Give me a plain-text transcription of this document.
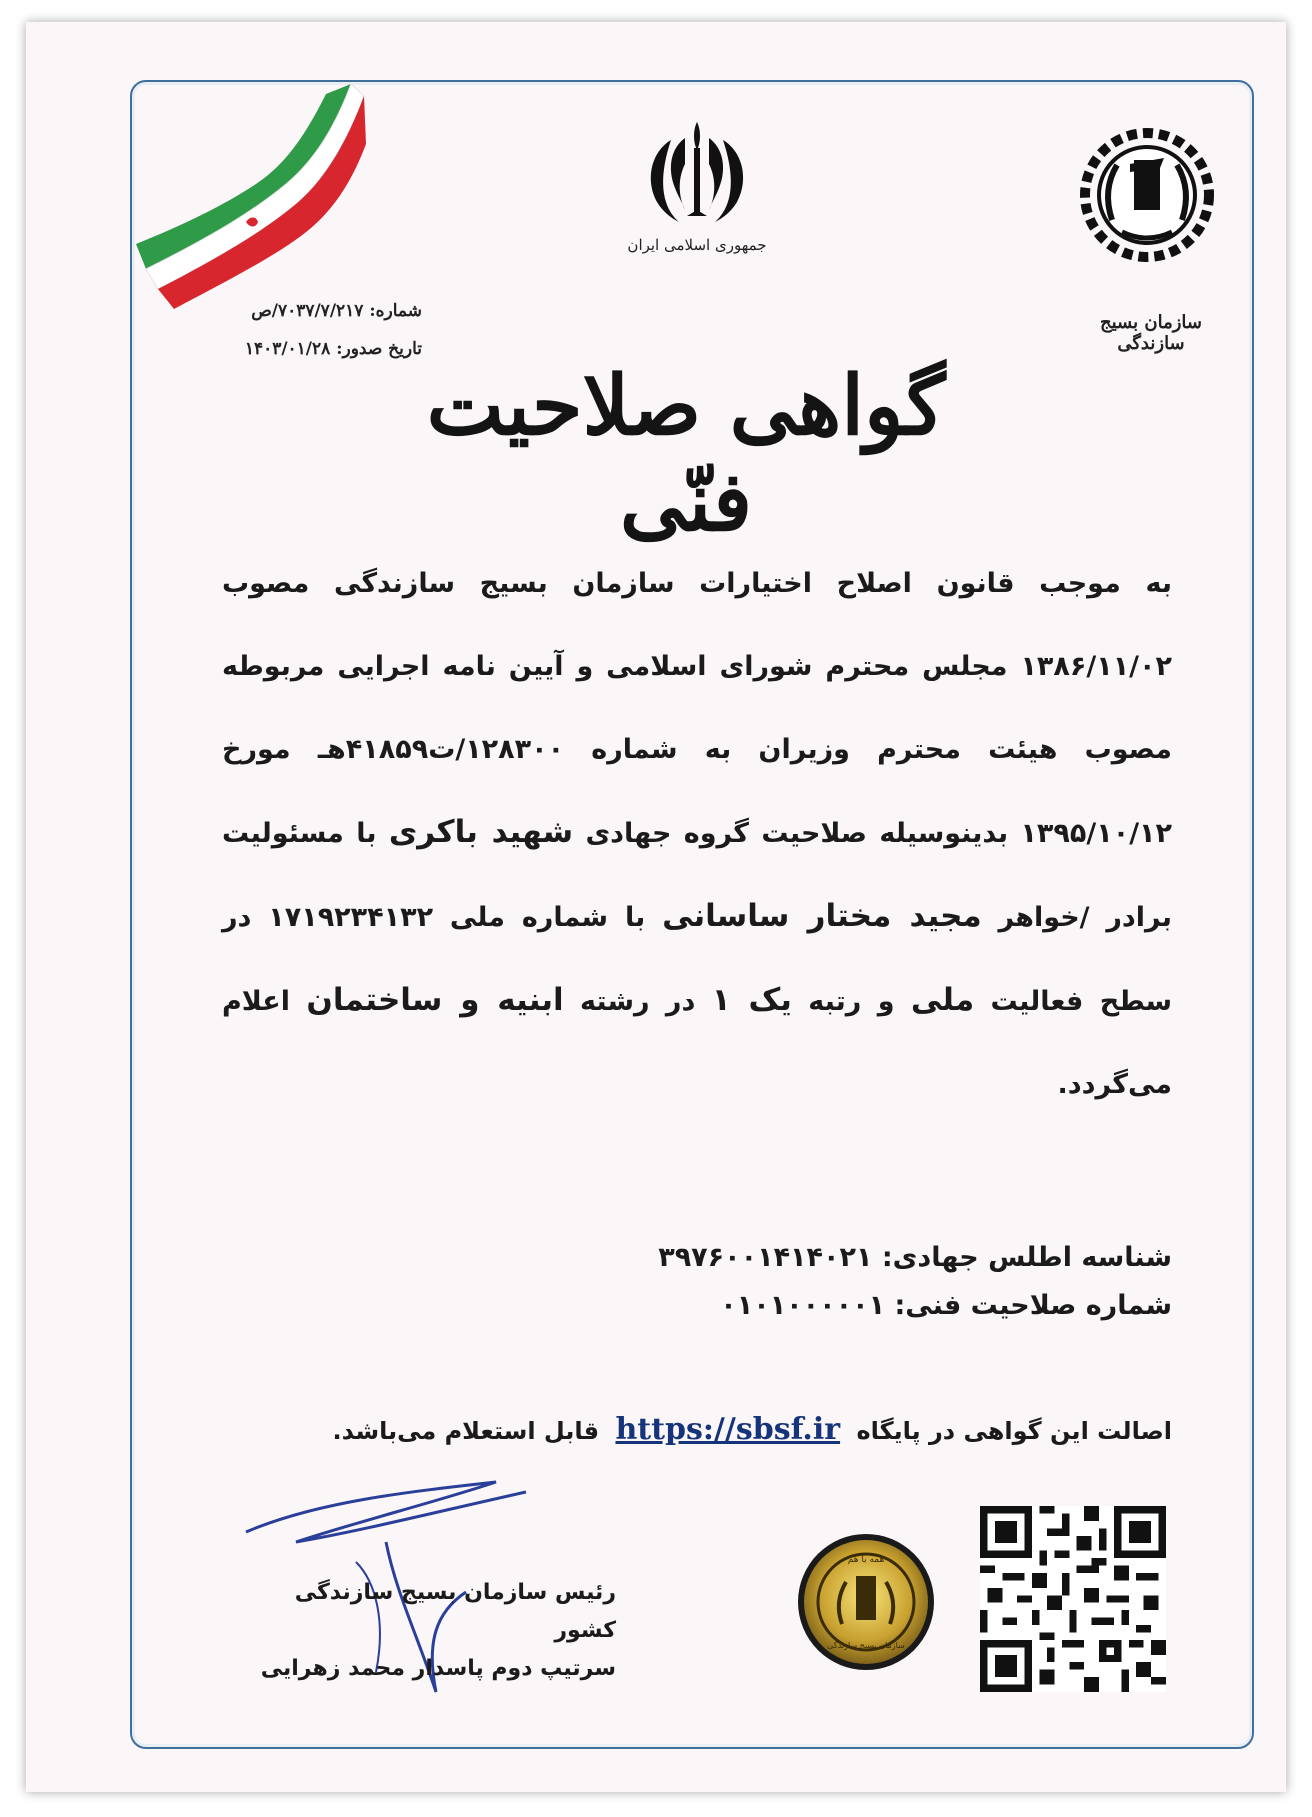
جمهوری اسلامی ایران
سازمان بسیج سازندگی
شماره: ۷۰۳۷/۷/۲۱۷/ص
تاریخ صدور: ۱۴۰۳/۰۱/۲۸
گواهی صلاحیت فنّی
به موجب قانون اصلاح اختیارات سازمان بسیج سازندگی مصوب ۱۳۸۶/۱۱/۰۲ مجلس محترم شورای اسلامی و آیین نامه اجرایی مربوطه مصوب هیئت محترم وزیران به شماره ۱۲۸۳۰۰/ت۴۱۸۵۹هـ مورخ ۱۳۹۵/۱۰/۱۲ بدینوسیله صلاحیت گروه جهادی شهید باکری با مسئولیت برادر /خواهر مجید مختار ساسانی با شماره ملی ۱۷۱۹۲۳۴۱۳۲ در سطح فعالیت ملی و رتبه یک ۱ در رشته ابنیه و ساختمان اعلام می‌گردد.
شناسه اطلس جهادی: ۳۹۷۶۰۰۱۴۱۴۰۲۱
شماره صلاحیت فنی: ۰۱۰۱۰۰۰۰۰۱
اصالت این گواهی در پایگاه https://sbsf.ir قابل استعلام می‌باشد.
رئیس سازمان بسیج سازندگی کشور
سرتیپ دوم پاسدار محمد زهرایی
همه با هم
سازمان بسیج سازندگی
